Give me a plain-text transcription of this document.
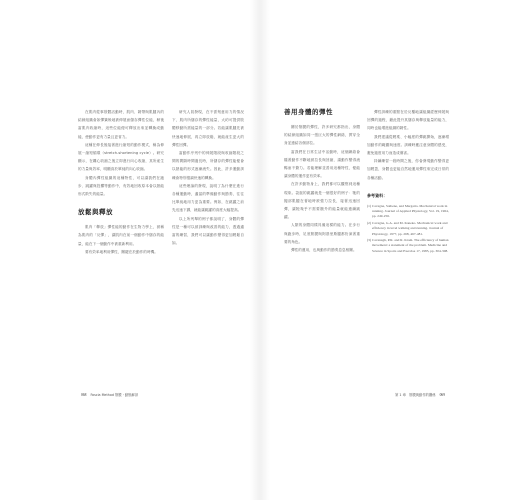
在肌肉從事肢體活動時，肌肉、韌帶與肌腱內的結締組織會如彈簧般地被伸展而儲存彈性位能，稍後當肌肉收縮時，這些位能便可釋放出來並轉換成動能，使動作更有力量且更省力。

這種在伸長後接著進行縮短的動作模式，稱為伸展－縮短循環（stretch-shortening cycle）。研究顯示，在離心收縮之後立即進行向心收縮，其所產生的力量與效率，明顯高於單純的向心收縮。

身體內彈性組織的這種特性，可以讓我們在跑步、跳躍與投擲等動作中，有效地回收原本會以熱能形式散失的能量。

放鬆與釋放

肌肉「釋放」彈性能的動作在生物力學上，被稱為肌肉的「反彈」，讓肌肉在前一個動作中儲存的能量，能在下一個動作中被重新利用。

要有效率地利用彈性，關鍵在於動作的時機。

研究人員發現，在不需刻意用力的情況下，肌肉所儲存的彈性能量，大約可提供肢體移動所需能量的一部分。若能讓肌腱先被快速地伸展，再立即放鬆，就能產生更大的彈性回彈。

當動作序列中的伸展階段與收縮階段之間的間隔時間過長時，所儲存的彈性能便會以熱能的形式逐漸流失。因此，許多運動訓練會特別強調快速的轉換。

這些理論的發現，說明了為什麼在進行各種運動時，適當的準備動作與節奏，往往比單純地用力更為重要。例如，在跳躍之前先迅速下蹲，就能讓跳躍的高度大幅提高。

以上所列舉的例子都說明了，身體的彈性是一種可以被訓練與改善的能力，透過適當的練習，我們可以讓動作變得更加輕鬆自如。

068 Fascia Method 筋膜・動態解剖
善用身體的彈性

關於筋膜的彈性，許多研究都指出，身體的結締組織如同一張巨大的彈性網絡，貫穿全身並連結各個部位。

當我們在日常生活中活動時，這個網絡會隨著動作不斷地被拉長與回縮，讓動作變得流暢而不費力。若能理解並善用這種特性，便能讓身體的運作更有效率。

在許多動物身上，我們都可以觀察到這種現象。袋鼠的跳躍就是一個很好的例子：牠的腿部肌腱在著地時被強力拉長，接著迅速回彈，讓牠幾乎不需要額外的能量就能連續跳躍。

人類的身體同樣具備這樣的能力。在步行與跑步時，足底筋膜與阿基里斯腱都扮演著重要的角色。

彈性的運用，也與動作的節奏息息相關。

彈性訓練的重點在於反覆地讓組織經歷伸展與回彈的過程，藉此提升其儲存與釋放能量的能力，同時也能增進組織的韌性。

我們建議從輕柔、小幅度的彈跳開始，逐漸增加動作的範圍與速度。訓練時應注意身體的感受，避免過度用力而造成傷害。

持續練習一段時間之後，你會發現動作變得更加輕盈，身體也更能自然地運用彈性來完成日常的各種活動。

參考資料：
(1) Cavagna, Saibene, and Margaria. Mechanical work in running. Journal of Applied Physiology, Vol. 19, 1964, pp. 249-256.
(2) Cavagna, G.A. and M. Kaneko. Mechanical work and efficiency in level walking and running. Journal of Physiology, 1977, pp. 268, 467-481.
(3) Cavanagh, P.R. and R. Kram. The efficiency of human movement: a statement of the problem. Medicine and Science in Sports and Exercise 17, 1985, pp. 304-308.
第 1 章　筋膜與動作的關係 069
